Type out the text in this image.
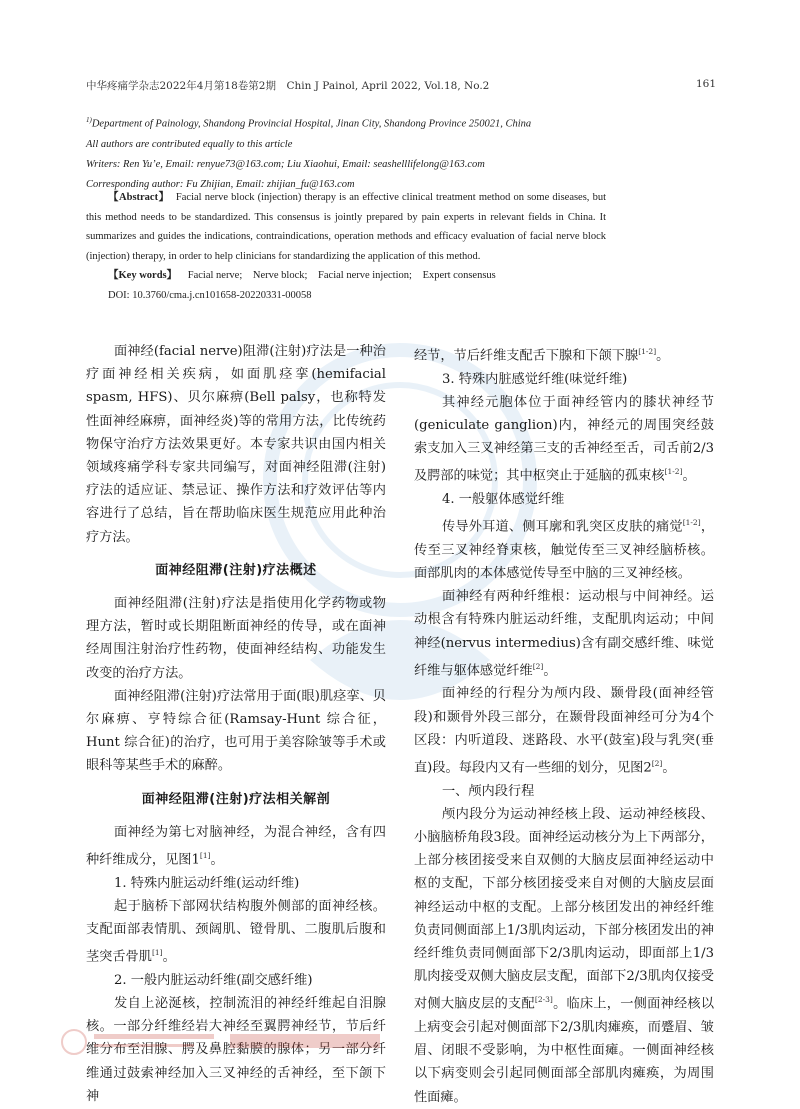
中华疼痛学杂志2022年4月第18卷第2期　Chin J Painol, April 2022, Vol.18, No.2	161

$^{1)}$Department of Painology, Shandong Provincial Hospital, Jinan City, Shandong Province 250021, China

All authors are contributed equally to this article

Writers: Ren Yu’e, Email: renyue73@163.com; Liu Xiaohui, Email: seashelllifelong@163.com

Corresponding author: Fu Zhijian, Email: zhijian_fu@163.com

【Abstract】 Facial nerve block (injection) therapy is an effective clinical treatment method on some diseases, but this method needs to be standardized. This consensus is jointly prepared by pain experts in relevant fields in China. It summarizes and guides the indications, contraindications, operation methods and efficacy evaluation of facial nerve block (injection) therapy, in order to help clinicians for standardizing the application of this method.

【Key words】 Facial nerve; Nerve block; Facial nerve injection; Expert consensus

DOI: 10.3760/cma.j.cn101658-20220331-00058

面神经(facial nerve)阻滞(注射)疗法是一种治疗面神经相关疾病，如面肌痉挛(hemifacial spasm, HFS)、贝尔麻痹(Bell palsy，也称特发性面神经麻痹，面神经炎)等的常用方法，比传统药物保守治疗方法效果更好。本专家共识由国内相关领域疼痛学科专家共同编写，对面神经阻滞(注射)疗法的适应证、禁忌证、操作方法和疗效评估等内容进行了总结，旨在帮助临床医生规范应用此种治疗方法。

面神经阻滞(注射)疗法概述

面神经阻滞(注射)疗法是指使用化学药物或物理方法，暂时或长期阻断面神经的传导，或在面神经周围注射治疗性药物，使面神经结构、功能发生改变的治疗方法。

面神经阻滞(注射)疗法常用于面(眼)肌痉挛、贝尔麻痹、亨特综合征(Ramsay-Hunt 综合征，Hunt 综合征)的治疗，也可用于美容除皱等手术或眼科等某些手术的麻醉。

面神经阻滞(注射)疗法相关解剖

面神经为第七对脑神经，为混合神经，含有四种纤维成分，见图1[1]。

1. 特殊内脏运动纤维(运动纤维)

起于脑桥下部网状结构腹外侧部的面神经核。支配面部表情肌、颈阔肌、镫骨肌、二腹肌后腹和茎突舌骨肌[1]。

2. 一般内脏运动纤维(副交感纤维)

发自上泌涎核，控制流泪的神经纤维起自泪腺核。一部分纤维经岩大神经至翼腭神经节，节后纤维分布至泪腺、腭及鼻腔黏膜的腺体；另一部分纤维通过鼓索神经加入三叉神经的舌神经，至下颌下神

经节，节后纤维支配舌下腺和下颌下腺[1-2]。

3. 特殊内脏感觉纤维(味觉纤维)

其神经元胞体位于面神经管内的膝状神经节(geniculate ganglion)内，神经元的周围突经鼓索支加入三叉神经第三支的舌神经至舌，司舌前2/3及腭部的味觉；其中枢突止于延脑的孤束核[1-2]。

4. 一般躯体感觉纤维

传导外耳道、侧耳廓和乳突区皮肤的痛觉[1-2]，传至三叉神经脊束核，触觉传至三叉神经脑桥核。面部肌肉的本体感觉传导至中脑的三叉神经核。

面神经有两种纤维根：运动根与中间神经。运动根含有特殊内脏运动纤维，支配肌肉运动；中间神经(nervus intermedius)含有副交感纤维、味觉纤维与躯体感觉纤维[2]。

面神经的行程分为颅内段、颞骨段(面神经管段)和颞骨外段三部分，在颞骨段面神经可分为4个区段：内听道段、迷路段、水平(鼓室)段与乳突(垂直)段。每段内又有一些细的划分，见图2[2]。

一、颅内段行程

颅内段分为运动神经核上段、运动神经核段、小脑脑桥角段3段。面神经运动核分为上下两部分，上部分核团接受来自双侧的大脑皮层面神经运动中枢的支配，下部分核团接受来自对侧的大脑皮层面神经运动中枢的支配。上部分核团发出的神经纤维负责同侧面部上1/3肌肉运动，下部分核团发出的神经纤维负责同侧面部下2/3肌肉运动，即面部上1/3肌肉接受双侧大脑皮层支配，面部下2/3肌肉仅接受对侧大脑皮层的支配[2-3]。临床上，一侧面神经核以上病变会引起对侧面部下2/3肌肉瘫痪，而蹙眉、皱眉、闭眼不受影响，为中枢性面瘫。一侧面神经核以下病变则会引起同侧面部全部肌肉瘫痪，为周围性面瘫。
